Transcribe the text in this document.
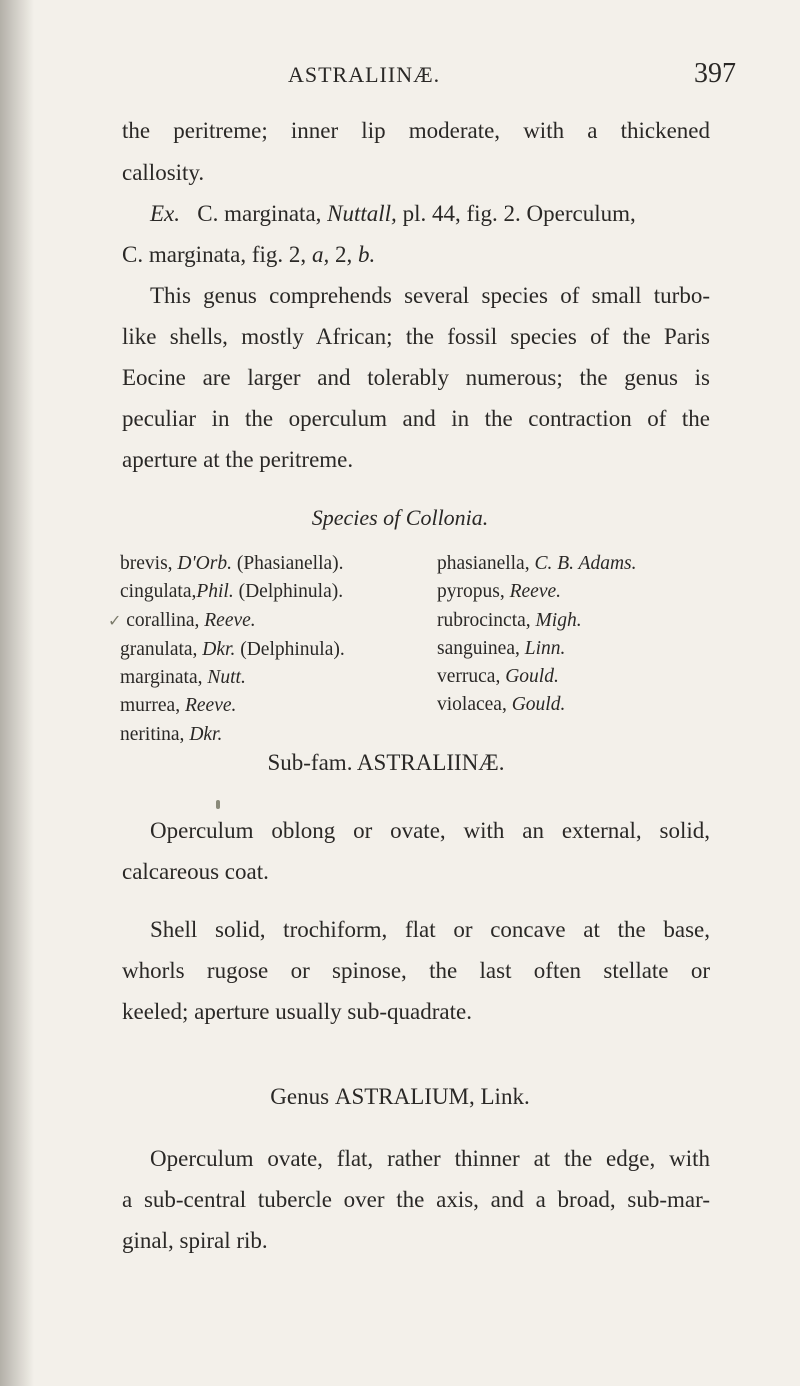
ASTRALIINÆ.	397
the peritreme; inner lip moderate, with a thickened
callosity.
Ex. C. marginata, Nuttall, pl. 44, fig. 2. Operculum,
C. marginata, fig. 2, a, 2, b.
This genus comprehends several species of small turbo-
like shells, mostly African; the fossil species of the Paris
Eocine are larger and tolerably numerous; the genus is
peculiar in the operculum and in the contraction of the
aperture at the peritreme.
Species of Collonia.
brevis, D'Orb. (Phasianella).
cingulata,Phil. (Delphinula).
✓ corallina, Reeve.
granulata, Dkr. (Delphinula).
marginata, Nutt.
murrea, Reeve.
neritina, Dkr.
phasianella, C. B. Adams.
pyropus, Reeve.
rubrocincta, Migh.
sanguinea, Linn.
verruca, Gould.
violacea, Gould.
Sub-fam. ASTRALIINÆ.
Operculum oblong or ovate, with an external, solid,
calcareous coat.
Shell solid, trochiform, flat or concave at the base,
whorls rugose or spinose, the last often stellate or
keeled; aperture usually sub-quadrate.
Genus ASTRALIUM, Link.
Operculum ovate, flat, rather thinner at the edge, with
a sub-central tubercle over the axis, and a broad, sub-mar-
ginal, spiral rib.
